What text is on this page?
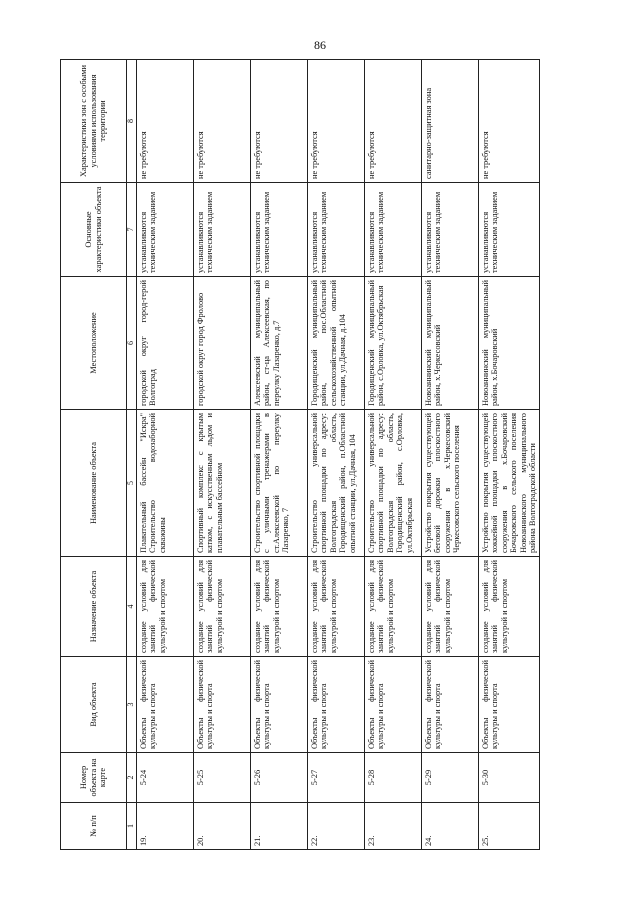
86
№ п/п	Номер объекта на карте	Вид объекта	Назначение объекта	Наименование объекта	Местоположение	Основные характеристики объекта	Характеристики зон с особыми условиями использования территории
1	2	3	4	5	6	7	8
19.	5-24	Объекты физической культуры и спорта	создание условий для занятий физической культурой и спортом	Плавательный бассейн "Искра" Строительство водозаборной скважины	городской округ город-герой Волгоград	устанавливаются техническим заданием	не требуются
20.	5-25	Объекты физической культуры и спорта	создание условий для занятий физической культурой и спортом	Спортивный комплекс с крытым катком, с искусственным льдом и плавательным бассейном	городской округ город Фролово	устанавливаются техническим заданием	не требуются
21.	5-26	Объекты физической культуры и спорта	создание условий для занятий физической культурой и спортом	Строительство спортивной площадки с уличными тренажерами в ст.Алексеевской по переулку Лазаренко, 7	Алексеевский муниципальный район, ст-ца Алексеевская, по переулку Лазаренко, д.7	устанавливаются техническим заданием	не требуются
22.	5-27	Объекты физической культуры и спорта	создание условий для занятий физической культурой и спортом	Строительство универсальной спортивной площадки по адресу: Волгоградская область, Городищенский район, п.Областной опытной станции, ул.Дачная, 104	Городищенский муниципальный район, пос.Областной сельскохозяйственной опытной станции, ул.Дачная, д.104	устанавливаются техническим заданием	не требуются
23.	5-28	Объекты физической культуры и спорта	создание условий для занятий физической культурой и спортом	Строительство универсальной спортивной площадки по адресу: Волгоградская область, Городищенский район, с.Орловка, ул.Октябрьская	Городищенский муниципальный район, с.Орловка, ул.Октябрьская	устанавливаются техническим заданием	не требуются
24.	5-29	Объекты физической культуры и спорта	создание условий для занятий физической культурой и спортом	Устройство покрытия существующей беговой дорожки плоскостного сооружения в х.Черкесовский Черкесовского сельского поселения	Новоаннинский муниципальный район, х.Черкесовский	устанавливаются техническим заданием	санитарно-защитная зона
25.	5-30	Объекты физической культуры и спорта	создание условий для занятий физической культурой и спортом	Устройство покрытия существующей хоккейной площадки плоскостного сооружения в х.Бочаровский Бочаровского сельского поселения Новоаннинского муниципального района Волгоградской области	Новоаннинский муниципальный район, х.Бочаровский	устанавливаются техническим заданием	не требуются
